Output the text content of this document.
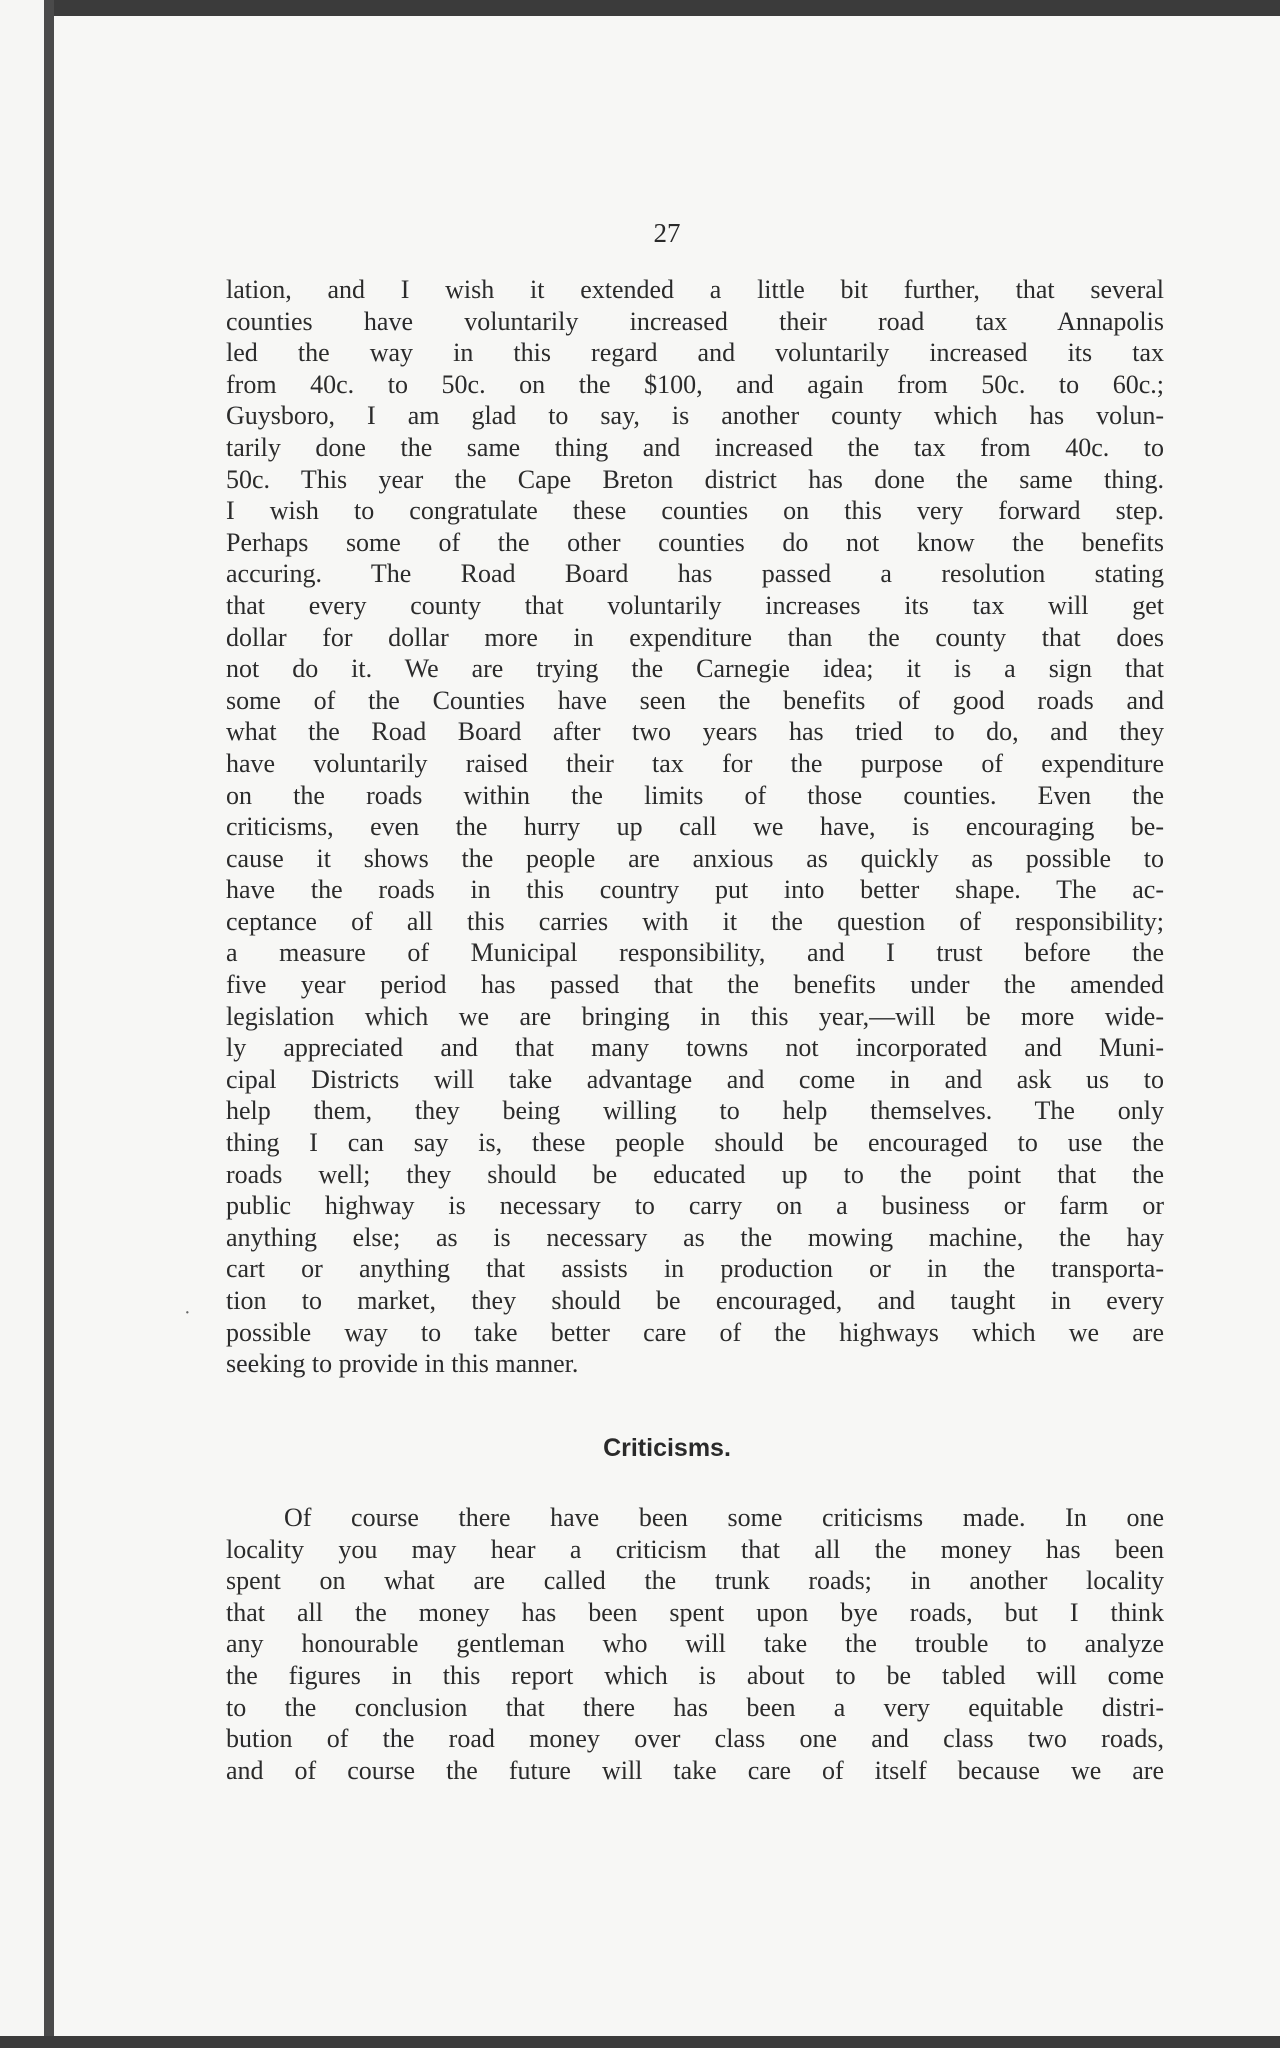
27
lation, and I wish it extended a little bit further, that several
counties have voluntarily increased their road tax Annapolis
led the way in this regard and voluntarily increased its tax
from 40c. to 50c. on the $100, and again from 50c. to 60c.;
Guysboro, I am glad to say, is another county which has volun-
tarily done the same thing and increased the tax from 40c. to
50c. This year the Cape Breton district has done the same thing.
I wish to congratulate these counties on this very forward step.
Perhaps some of the other counties do not know the benefits
accuring. The Road Board has passed a resolution stating
that every county that voluntarily increases its tax will get
dollar for dollar more in expenditure than the county that does
not do it. We are trying the Carnegie idea; it is a sign that
some of the Counties have seen the benefits of good roads and
what the Road Board after two years has tried to do, and they
have voluntarily raised their tax for the purpose of expenditure
on the roads within the limits of those counties. Even the
criticisms, even the hurry up call we have, is encouraging be-
cause it shows the people are anxious as quickly as possible to
have the roads in this country put into better shape. The ac-
ceptance of all this carries with it the question of responsibility;
a measure of Municipal responsibility, and I trust before the
five year period has passed that the benefits under the amended
legislation which we are bringing in this year,—will be more wide-
ly appreciated and that many towns not incorporated and Muni-
cipal Districts will take advantage and come in and ask us to
help them, they being willing to help themselves. The only
thing I can say is, these people should be encouraged to use the
roads well; they should be educated up to the point that the
public highway is necessary to carry on a business or farm or
anything else; as is necessary as the mowing machine, the hay
cart or anything that assists in production or in the transporta-
tion to market, they should be encouraged, and taught in every
possible way to take better care of the highways which we are
seeking to provide in this manner.
Criticisms.
Of course there have been some criticisms made. In one
locality you may hear a criticism that all the money has been
spent on what are called the trunk roads; in another locality
that all the money has been spent upon bye roads, but I think
any honourable gentleman who will take the trouble to analyze
the figures in this report which is about to be tabled will come
to the conclusion that there has been a very equitable distri-
bution of the road money over class one and class two roads,
and of course the future will take care of itself because we are
·
